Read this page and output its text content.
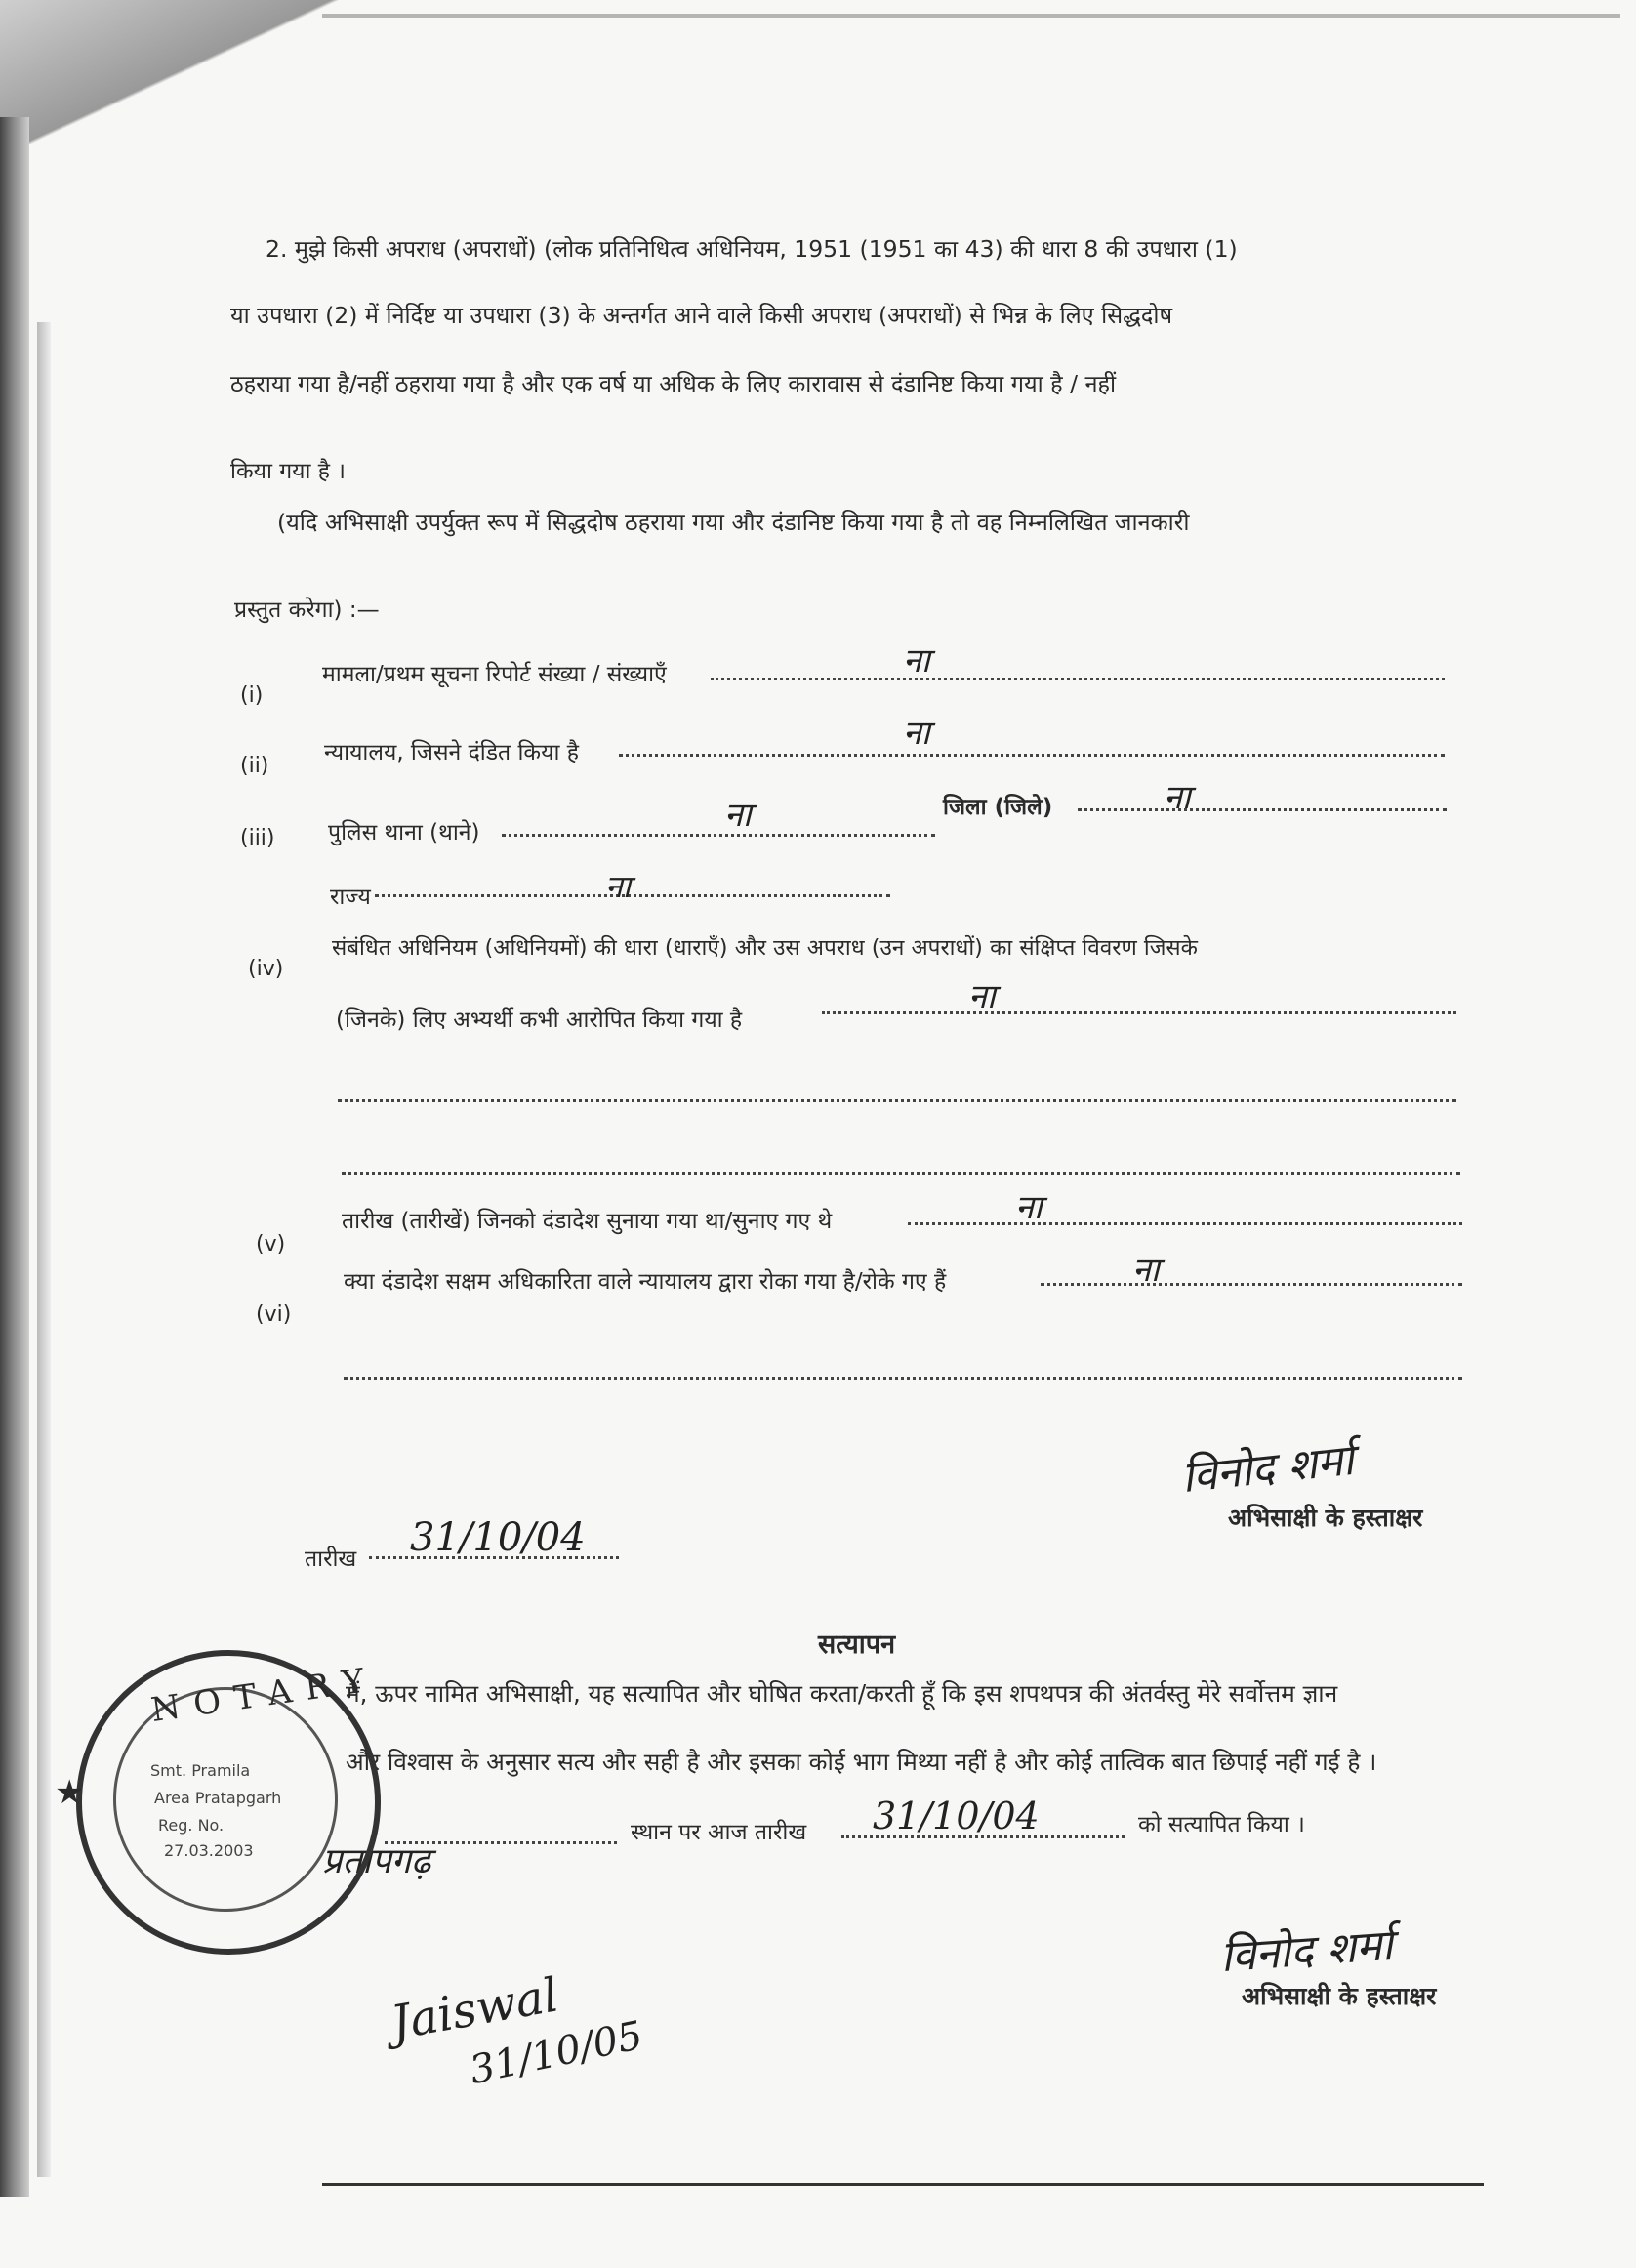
2. मुझे किसी अपराध (अपराधों) (लोक प्रतिनिधित्व अधिनियम, 1951 (1951 का 43) की धारा 8 की उपधारा (1)
या उपधारा (2) में निर्दिष्ट या उपधारा (3) के अन्तर्गत आने वाले किसी अपराध (अपराधों) से भिन्न के लिए सिद्धदोष
ठहराया गया है/नहीं ठहराया गया है और एक वर्ष या अधिक के लिए कारावास से दंडानिष्ट किया गया है / नहीं
किया गया है ।
(यदि अभिसाक्षी उपर्युक्त रूप में सिद्धदोष ठहराया गया और दंडानिष्ट किया गया है तो वह निम्नलिखित जानकारी
प्रस्तुत करेगा) :—
(i)
मामला/प्रथम सूचना रिपोर्ट संख्या / संख्याएँ	ना
(ii)
न्यायालय, जिसने दंडित किया है	ना
(iii) पुलिस थाना (थाने)	ना	जिला (जिले)	ना
राज्य	ना
(iv)
संबंधित अधिनियम (अधिनियमों) की धारा (धाराएँ) और उस अपराध (उन अपराधों) का संक्षिप्त विवरण जिसके
(जिनके) लिए अभ्यर्थी कभी आरोपित किया गया है
ना
(v)
तारीख (तारीखें) जिनको दंडादेश सुनाया गया था/सुनाए गए थे	ना
(vi)
क्या दंडादेश सक्षम अधिकारिता वाले न्यायालय द्वारा रोका गया है/रोके गए हैं	ना
विनोद शर्मा
अभिसाक्षी के हस्ताक्षर
तारीख 31/10/04
सत्यापन
मैं, ऊपर नामित अभिसाक्षी, यह सत्यापित और घोषित करता/करती हूँ कि इस शपथपत्र की अंतर्वस्तु मेरे सर्वोत्तम ज्ञान
और विश्वास के अनुसार सत्य और सही है और इसका कोई भाग मिथ्या नहीं है और कोई तात्विक बात छिपाई नहीं गई है ।
प्रतापगढ़
स्थान पर आज तारीख 31/10/04	को सत्यापित किया ।
विनोद शर्मा
अभिसाक्षी के हस्ताक्षर
NOTARY
★
Smt. Pramila
Area Pratapgarh
Reg. No.
27.03.2003
Jaiswal
31/10/05
